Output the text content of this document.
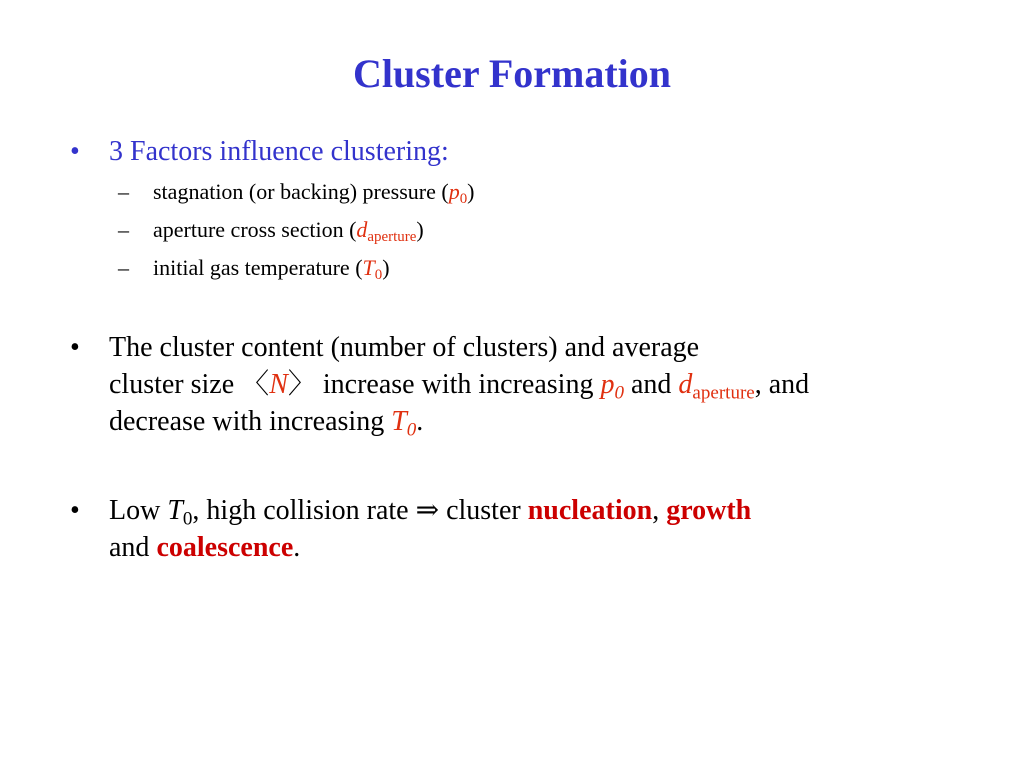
Cluster Formation
•	3 Factors influence clustering:
– stagnation (or backing) pressure $(p_0)$
– aperture cross section $(d_{aperture})$
– initial gas temperature $(T_0)$
•	The cluster content (number of clusters) and average
cluster size 〈N〉 increase with increasing $p_0$ and $d_{aperture}$, and
decrease with increasing $T_0$.
•	Low $T_0$, high collision rate ⇒ cluster nucleation, growth
and coalescence.
